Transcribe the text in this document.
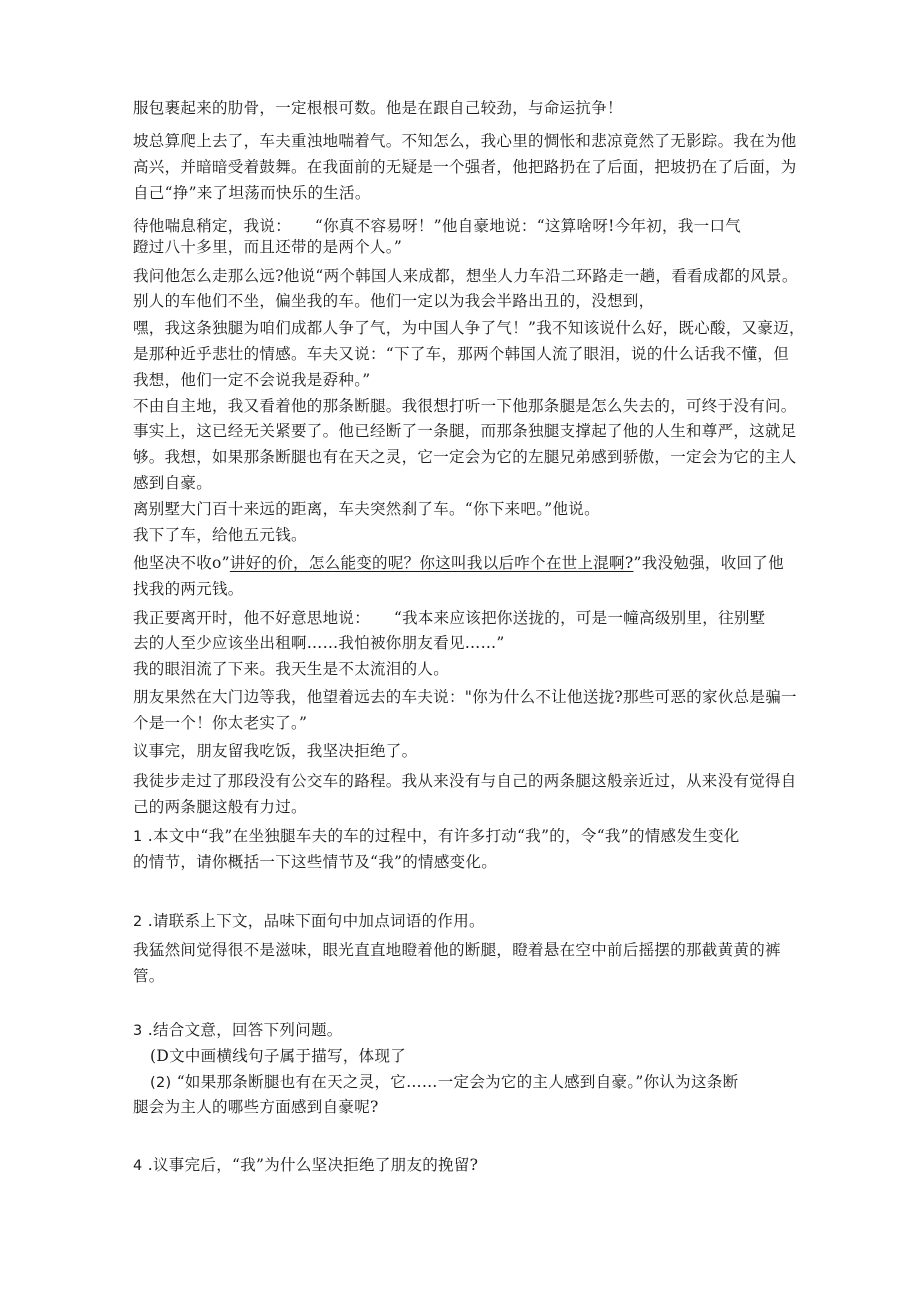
服包裹起来的肋骨，一定根根可数。他是在跟自己较劲，与命运抗争！
坡总算爬上去了，车夫重浊地喘着气。不知怎么，我心里的惆怅和悲凉竟然了无影踪。我在为他
高兴，并暗暗受着鼓舞。在我面前的无疑是一个强者，他把路扔在了后面，把坡扔在了后面，为
自己“挣”来了坦荡而快乐的生活。
待他喘息稍定，我说：　　“你真不容易呀！”他自豪地说：“这算啥呀!今年初，我一口气
蹬过八十多里，而且还带的是两个人。”
我问他怎么走那么远?他说“两个韩国人来成都，想坐人力车沿二环路走一趟，看看成都的风景。
别人的车他们不坐，偏坐我的车。他们一定以为我会半路出丑的，没想到，
嘿，我这条独腿为咱们成都人争了气，为中国人争了气！”我不知该说什么好，既心酸，又豪迈，
是那种近乎悲壮的情感。车夫又说：“下了车，那两个韩国人流了眼泪，说的什么话我不懂，但
我想，他们一定不会说我是孬种。”
不由自主地，我又看着他的那条断腿。我很想打听一下他那条腿是怎么失去的，可终于没有问。
事实上，这已经无关紧要了。他已经断了一条腿，而那条独腿支撑起了他的人生和尊严，这就足
够。我想，如果那条断腿也有在天之灵，它一定会为它的左腿兄弟感到骄傲，一定会为它的主人
感到自豪。
离别墅大门百十来远的距离，车夫突然刹了车。“你下来吧。”他说。
我下了车，给他五元钱。
他坚决不收o”讲好的价，怎么能变的呢？你这叫我以后咋个在世上混啊?”我没勉强，收回了他
找我的两元钱。
我正要离开时，他不好意思地说：　　“我本来应该把你送拢的，可是一幢高级别里，往别墅
去的人至少应该坐出租啊……我怕被你朋友看见……”
我的眼泪流了下来。我天生是不太流泪的人。
朋友果然在大门边等我，他望着远去的车夫说："你为什么不让他送拢?那些可恶的家伙总是骗一
个是一个！你太老实了。”
议事完，朋友留我吃饭，我坚决拒绝了。
我徒步走过了那段没有公交车的路程。我从来没有与自己的两条腿这般亲近过，从来没有觉得自
己的两条腿这般有力过。
1 .本文中“我”在坐独腿车夫的车的过程中，有许多打动“我”的，令“我”的情感发生变化
的情节，请你概括一下这些情节及“我”的情感变化。
2 .请联系上下文，品味下面句中加点词语的作用。
我猛然间觉得很不是滋味，眼光直直地瞪着他的断腿，瞪着悬在空中前后摇摆的那截黄黄的裤
管。
3 .结合文意，回答下列问题。
(D文中画横线句子属于描写，体现了
(2) “如果那条断腿也有在天之灵，它……一定会为它的主人感到自豪。”你认为这条断
腿会为主人的哪些方面感到自豪呢?
4 .议事完后，“我”为什么坚决拒绝了朋友的挽留?
